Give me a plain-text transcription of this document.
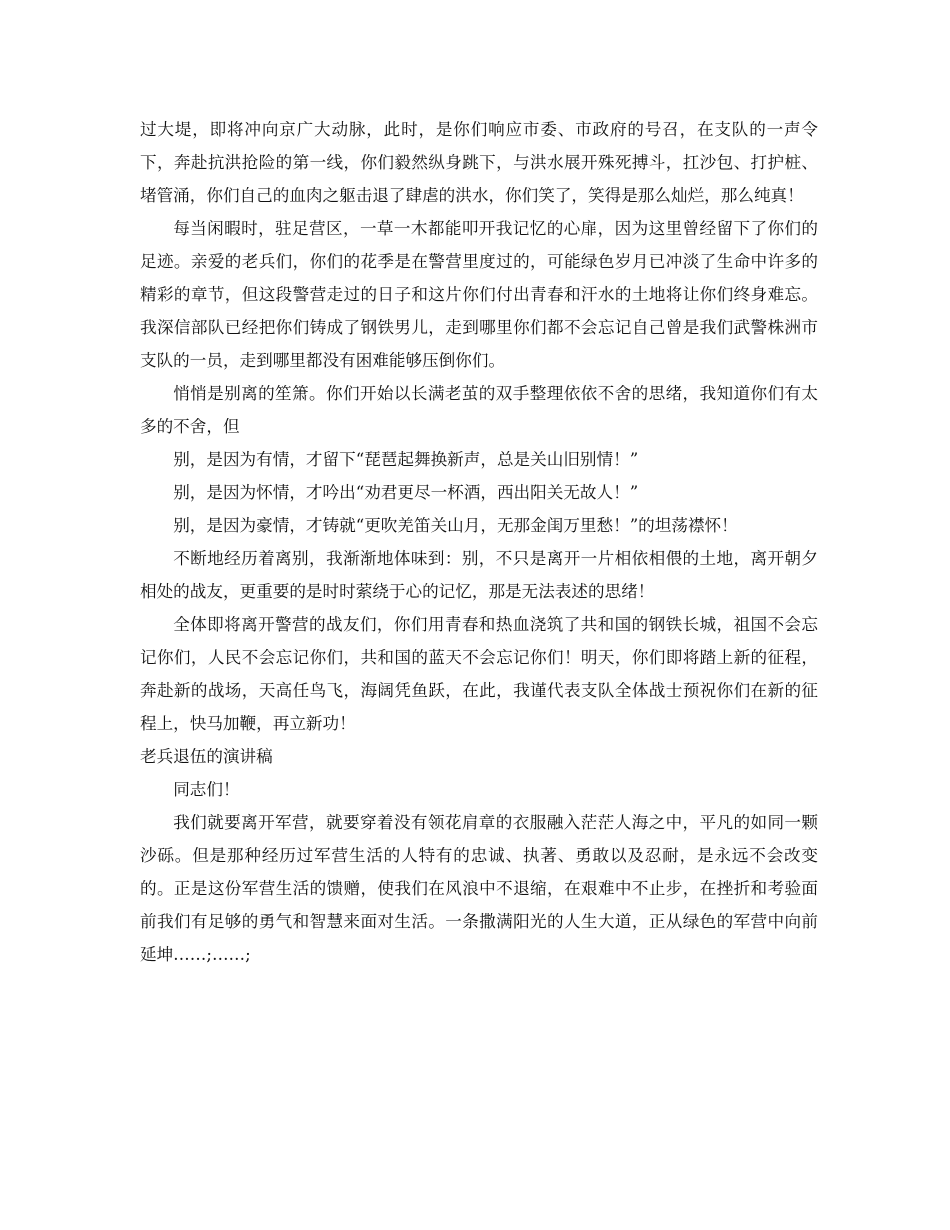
过大堤，即将冲向京广大动脉，此时，是你们响应市委、市政府的号召，在支队的一声令下，奔赴抗洪抢险的第一线，你们毅然纵身跳下，与洪水展开殊死搏斗，扛沙包、打护桩、堵管涌，你们自己的血肉之躯击退了肆虐的洪水，你们笑了，笑得是那么灿烂，那么纯真！

每当闲暇时，驻足营区，一草一木都能叩开我记忆的心扉，因为这里曾经留下了你们的足迹。亲爱的老兵们，你们的花季是在警营里度过的，可能绿色岁月已冲淡了生命中许多的精彩的章节，但这段警营走过的日子和这片你们付出青春和汗水的土地将让你们终身难忘。我深信部队已经把你们铸成了钢铁男儿，走到哪里你们都不会忘记自己曾是我们武警株洲市支队的一员，走到哪里都没有困难能够压倒你们。

悄悄是别离的笙箫。你们开始以长满老茧的双手整理依依不舍的思绪，我知道你们有太多的不舍，但

别，是因为有情，才留下“琵琶起舞换新声，总是关山旧别情！”

别，是因为怀情，才吟出“劝君更尽一杯酒，西出阳关无故人！”

别，是因为豪情，才铸就“更吹羌笛关山月，无那金闺万里愁！”的坦荡襟怀！

不断地经历着离别，我渐渐地体味到：别，不只是离开一片相依相偎的土地，离开朝夕相处的战友，更重要的是时时萦绕于心的记忆，那是无法表述的思绪！

全体即将离开警营的战友们，你们用青春和热血浇筑了共和国的钢铁长城，祖国不会忘记你们，人民不会忘记你们，共和国的蓝天不会忘记你们！明天，你们即将踏上新的征程，奔赴新的战场，天高任鸟飞，海阔凭鱼跃，在此，我谨代表支队全体战士预祝你们在新的征程上，快马加鞭，再立新功！

老兵退伍的演讲稿

同志们！

我们就要离开军营，就要穿着没有领花肩章的衣服融入茫茫人海之中，平凡的如同一颗沙砾。但是那种经历过军营生活的人特有的忠诚、执著、勇敢以及忍耐，是永远不会改变的。正是这份军营生活的馈赠，使我们在风浪中不退缩，在艰难中不止步，在挫折和考验面前我们有足够的勇气和智慧来面对生活。一条撒满阳光的人生大道，正从绿色的军营中向前延坤……;……;
